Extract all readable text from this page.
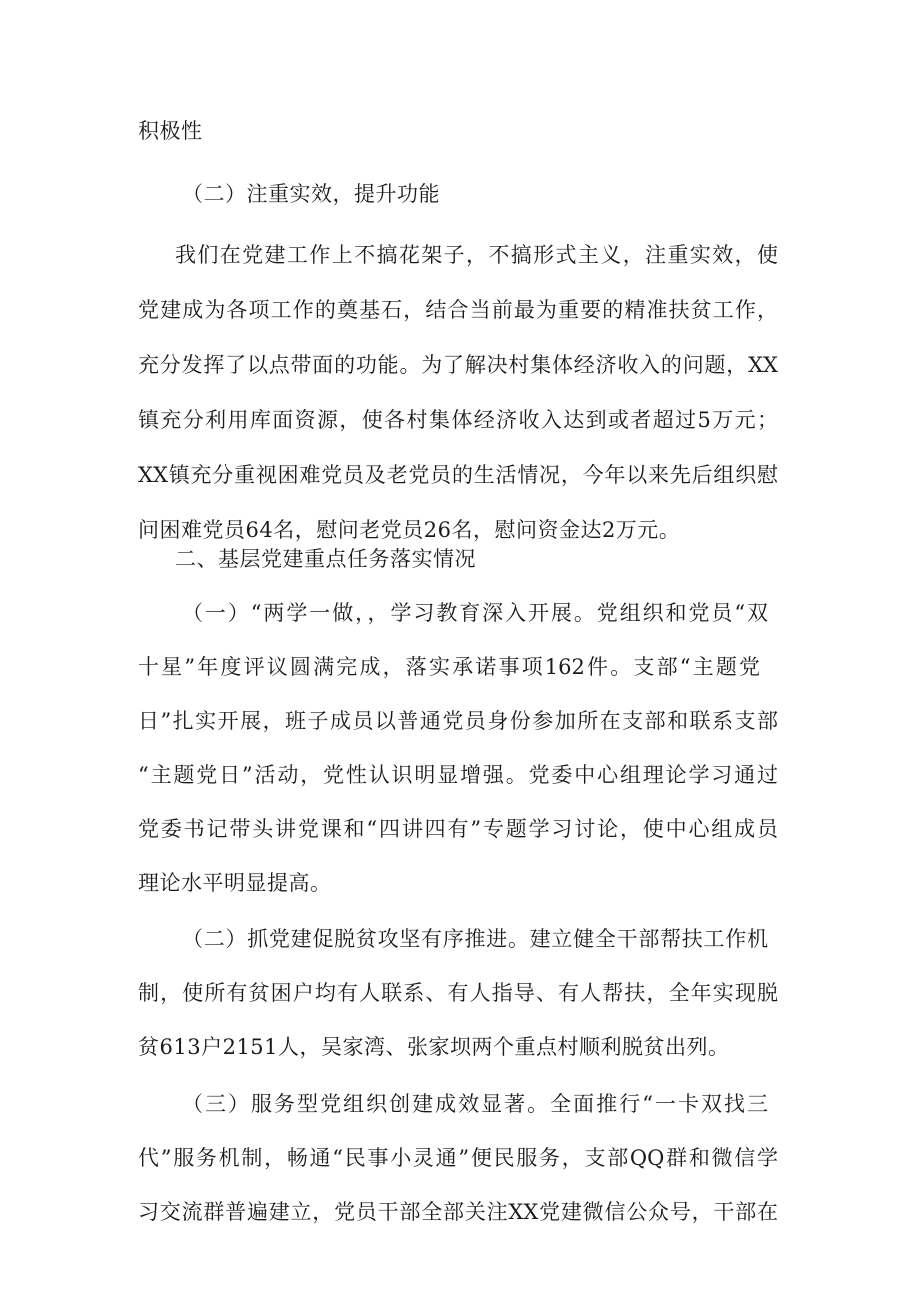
积极性
（二）注重实效，提升功能
我们在党建工作上不搞花架子，不搞形式主义，注重实效，使
党建成为各项工作的奠基石，结合当前最为重要的精准扶贫工作，
充分发挥了以点带面的功能。为了解决村集体经济收入的问题，XX
镇充分利用库面资源，使各村集体经济收入达到或者超过5万元；
XX镇充分重视困难党员及老党员的生活情况，今年以来先后组织慰
问困难党员64名，慰问老党员26名，慰问资金达2万元。
二、基层党建重点任务落实情况
（一）“两学一做，，学习教育深入开展。党组织和党员“双
十星”年度评议圆满完成，落实承诺事项162件。支部“主题党
日”扎实开展，班子成员以普通党员身份参加所在支部和联系支部
“主题党日”活动，党性认识明显增强。党委中心组理论学习通过
党委书记带头讲党课和“四讲四有”专题学习讨论，使中心组成员
理论水平明显提高。
（二）抓党建促脱贫攻坚有序推进。建立健全干部帮扶工作机
制，使所有贫困户均有人联系、有人指导、有人帮扶，全年实现脱
贫613户2151人，吴家湾、张家坝两个重点村顺利脱贫出列。
（三）服务型党组织创建成效显著。全面推行“一卡双找三
代”服务机制，畅通“民事小灵通”便民服务，支部QQ群和微信学
习交流群普遍建立，党员干部全部关注XX党建微信公众号，干部在
